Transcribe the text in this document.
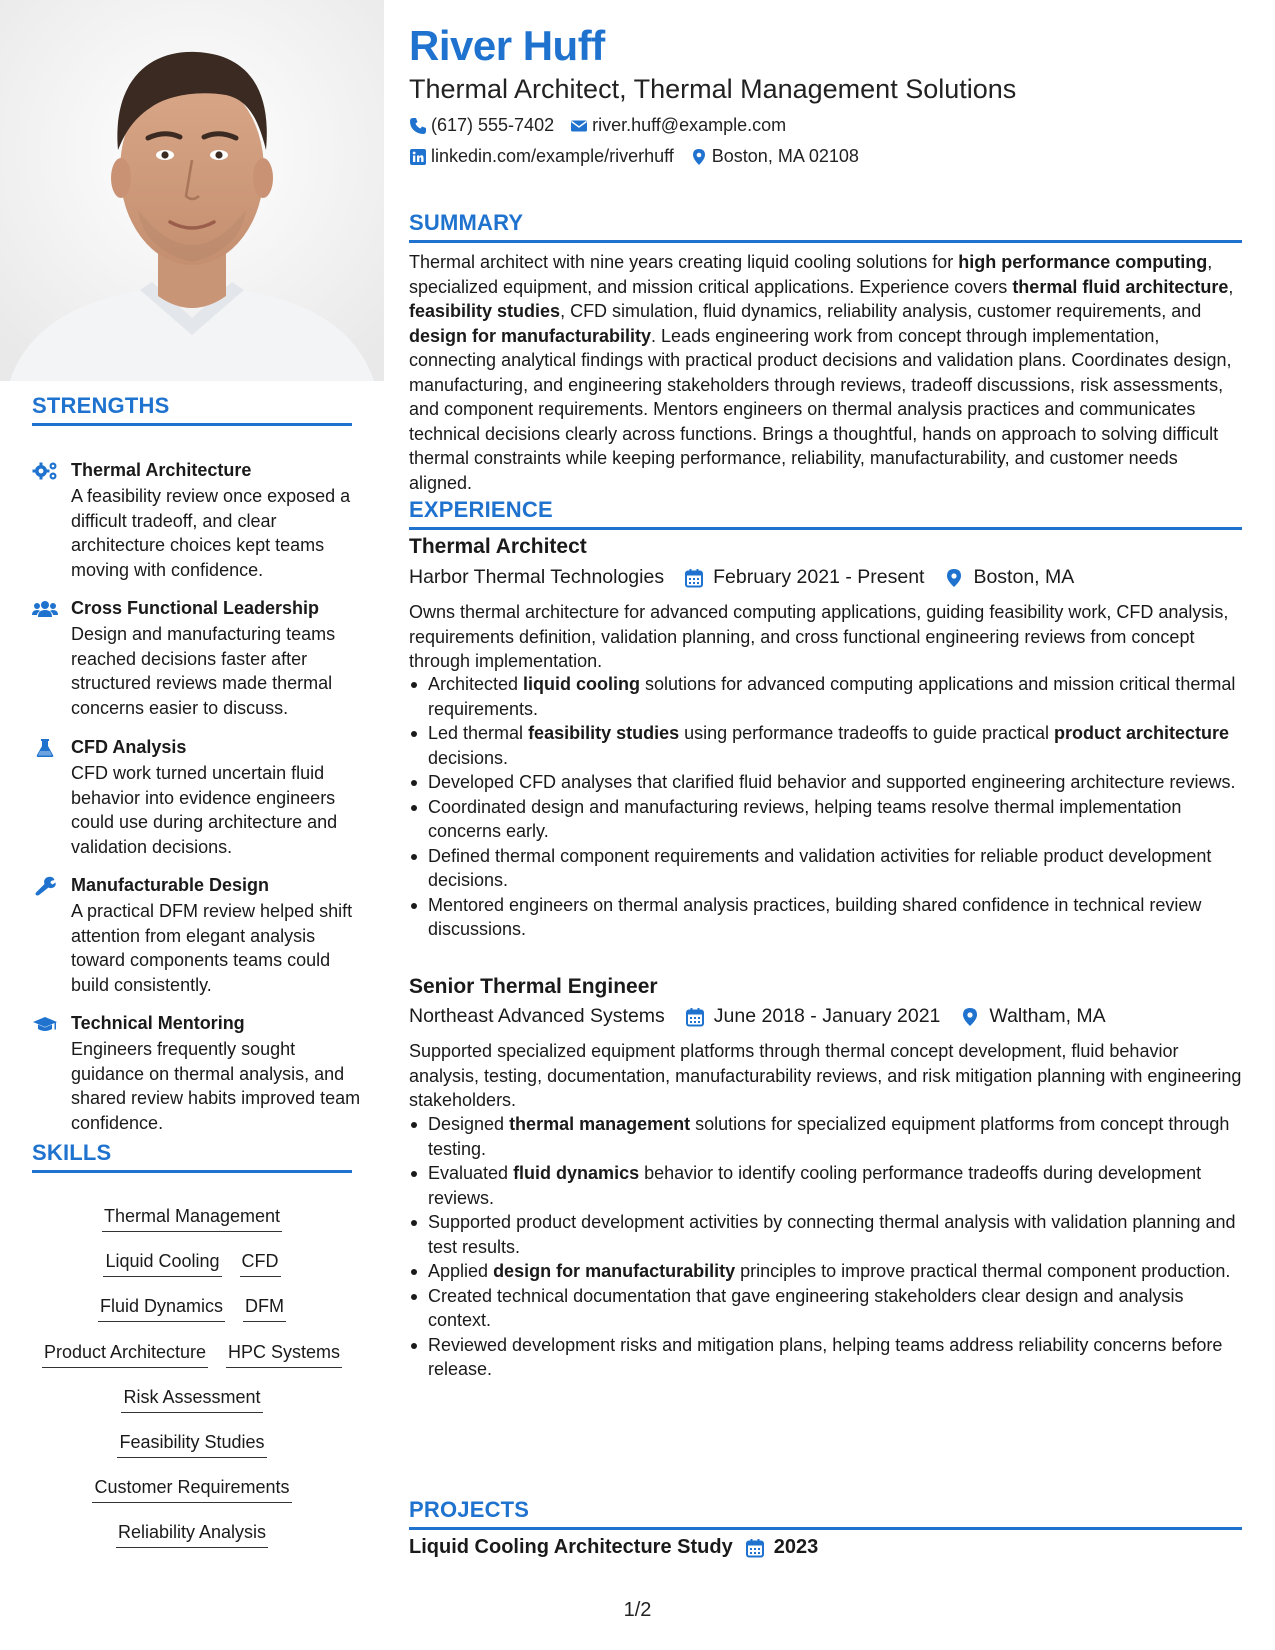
STRENGTHS
Thermal Architecture
A feasibility review once exposed a difficult tradeoff, and clear architecture choices kept teams moving with confidence.
Cross Functional Leadership
Design and manufacturing teams reached decisions faster after structured reviews made thermal concerns easier to discuss.
CFD Analysis
CFD work turned uncertain fluid behavior into evidence engineers could use during architecture and validation decisions.
Manufacturable Design
A practical DFM review helped shift attention from elegant analysis toward components teams could build consistently.
Technical Mentoring
Engineers frequently sought guidance on thermal analysis, and shared review habits improved team confidence.
SKILLS
Thermal Management
Liquid Cooling CFD
Fluid Dynamics DFM
Product Architecture HPC Systems
Risk Assessment
Feasibility Studies
Customer Requirements
Reliability Analysis
River Huff
Thermal Architect, Thermal Management Solutions
(617) 555-7402 river.huff@example.com
linkedin.com/example/riverhuff Boston, MA 02108
SUMMARY
Thermal architect with nine years creating liquid cooling solutions for high performance computing, specialized equipment, and mission critical applications. Experience covers thermal fluid architecture, feasibility studies, CFD simulation, fluid dynamics, reliability analysis, customer requirements, and design for manufacturability. Leads engineering work from concept through implementation, connecting analytical findings with practical product decisions and validation plans. Coordinates design, manufacturing, and engineering stakeholders through reviews, tradeoff discussions, risk assessments, and component requirements. Mentors engineers on thermal analysis practices and communicates technical decisions clearly across functions. Brings a thoughtful, hands on approach to solving difficult thermal constraints while keeping performance, reliability, manufacturability, and customer needs aligned.
EXPERIENCE
Thermal Architect
Harbor Thermal Technologies	February 2021 - Present	Boston, MA
Owns thermal architecture for advanced computing applications, guiding feasibility work, CFD analysis, requirements definition, validation planning, and cross functional engineering reviews from concept through implementation.
Architected liquid cooling solutions for advanced computing applications and mission critical thermal requirements.
Led thermal feasibility studies using performance tradeoffs to guide practical product architecture decisions.
Developed CFD analyses that clarified fluid behavior and supported engineering architecture reviews.
Coordinated design and manufacturing reviews, helping teams resolve thermal implementation concerns early.
Defined thermal component requirements and validation activities for reliable product development decisions.
Mentored engineers on thermal analysis practices, building shared confidence in technical review discussions.
Senior Thermal Engineer
Northeast Advanced Systems	June 2018 - January 2021	Waltham, MA
Supported specialized equipment platforms through thermal concept development, fluid behavior analysis, testing, documentation, manufacturability reviews, and risk mitigation planning with engineering stakeholders.
Designed thermal management solutions for specialized equipment platforms from concept through testing.
Evaluated fluid dynamics behavior to identify cooling performance tradeoffs during development reviews.
Supported product development activities by connecting thermal analysis with validation planning and test results.
Applied design for manufacturability principles to improve practical thermal component production.
Created technical documentation that gave engineering stakeholders clear design and analysis context.
Reviewed development risks and mitigation plans, helping teams address reliability concerns before release.
PROJECTS
Liquid Cooling Architecture Study 2023
1/2
